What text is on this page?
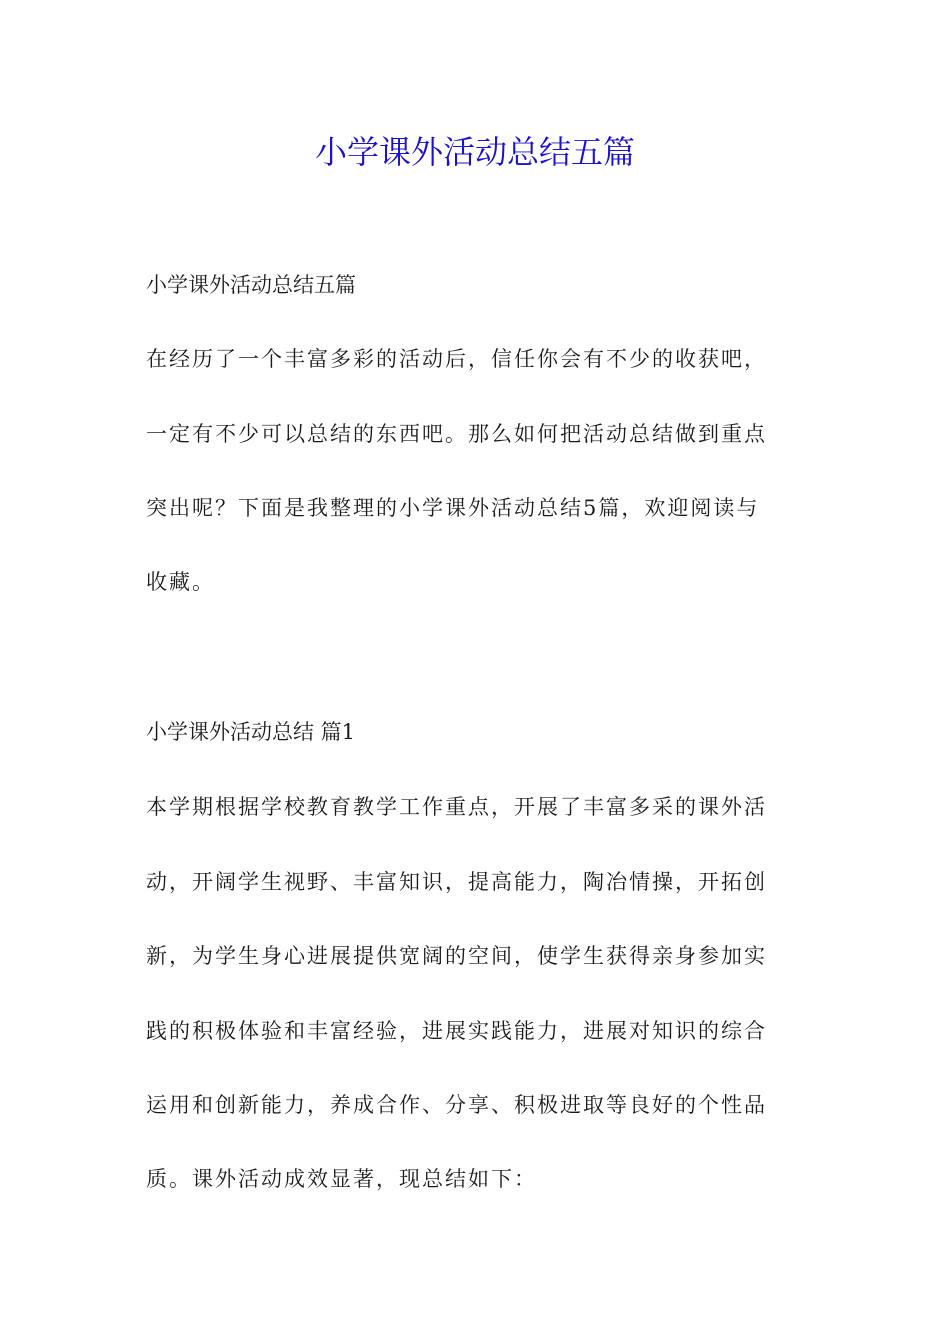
小学课外活动总结五篇
小学课外活动总结五篇
在经历了一个丰富多彩的活动后，信任你会有不少的收获吧，
一定有不少可以总结的东西吧。那么如何把活动总结做到重点
突出呢？下面是我整理的小学课外活动总结5篇，欢迎阅读与
收藏。
小学课外活动总结 篇1
本学期根据学校教育教学工作重点，开展了丰富多采的课外活
动，开阔学生视野、丰富知识，提高能力，陶冶情操，开拓创
新，为学生身心进展提供宽阔的空间，使学生获得亲身参加实
践的积极体验和丰富经验，进展实践能力，进展对知识的综合
运用和创新能力，养成合作、分享、积极进取等良好的个性品
质。课外活动成效显著，现总结如下：
